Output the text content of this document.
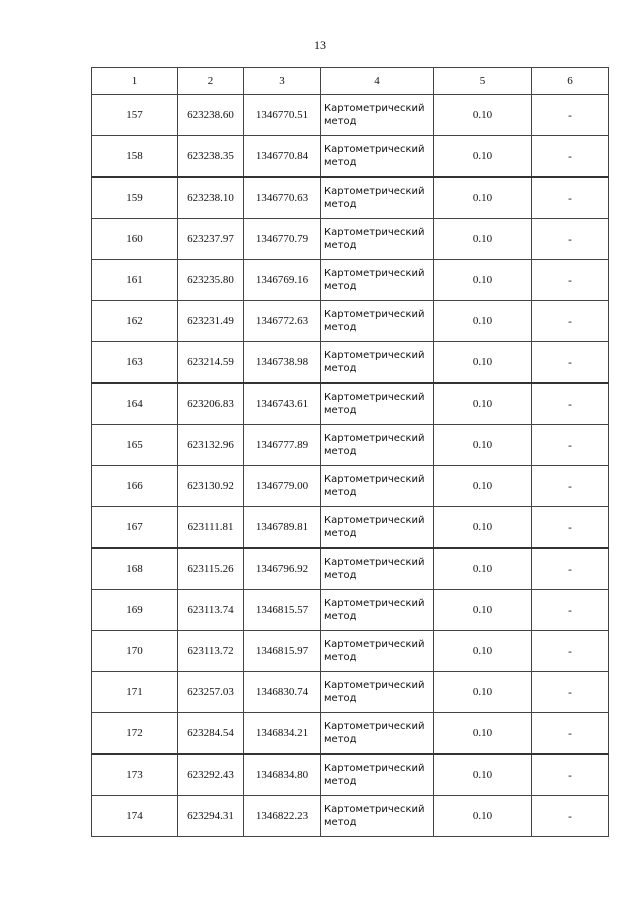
13
1	2	3	4	5	6
157	623238.60	1346770.51	Картометрический метод	0.10	-
158	623238.35	1346770.84	Картометрический метод	0.10	-
159	623238.10	1346770.63	Картометрический метод	0.10	-
160	623237.97	1346770.79	Картометрический метод	0.10	-
161	623235.80	1346769.16	Картометрический метод	0.10	-
162	623231.49	1346772.63	Картометрический метод	0.10	-
163	623214.59	1346738.98	Картометрический метод	0.10	-
164	623206.83	1346743.61	Картометрический метод	0.10	-
165	623132.96	1346777.89	Картометрический метод	0.10	-
166	623130.92	1346779.00	Картометрический метод	0.10	-
167	623111.81	1346789.81	Картометрический метод	0.10	-
168	623115.26	1346796.92	Картометрический метод	0.10	-
169	623113.74	1346815.57	Картометрический метод	0.10	-
170	623113.72	1346815.97	Картометрический метод	0.10	-
171	623257.03	1346830.74	Картометрический метод	0.10	-
172	623284.54	1346834.21	Картометрический метод	0.10	-
173	623292.43	1346834.80	Картометрический метод	0.10	-
174	623294.31	1346822.23	Картометрический метод	0.10	-
